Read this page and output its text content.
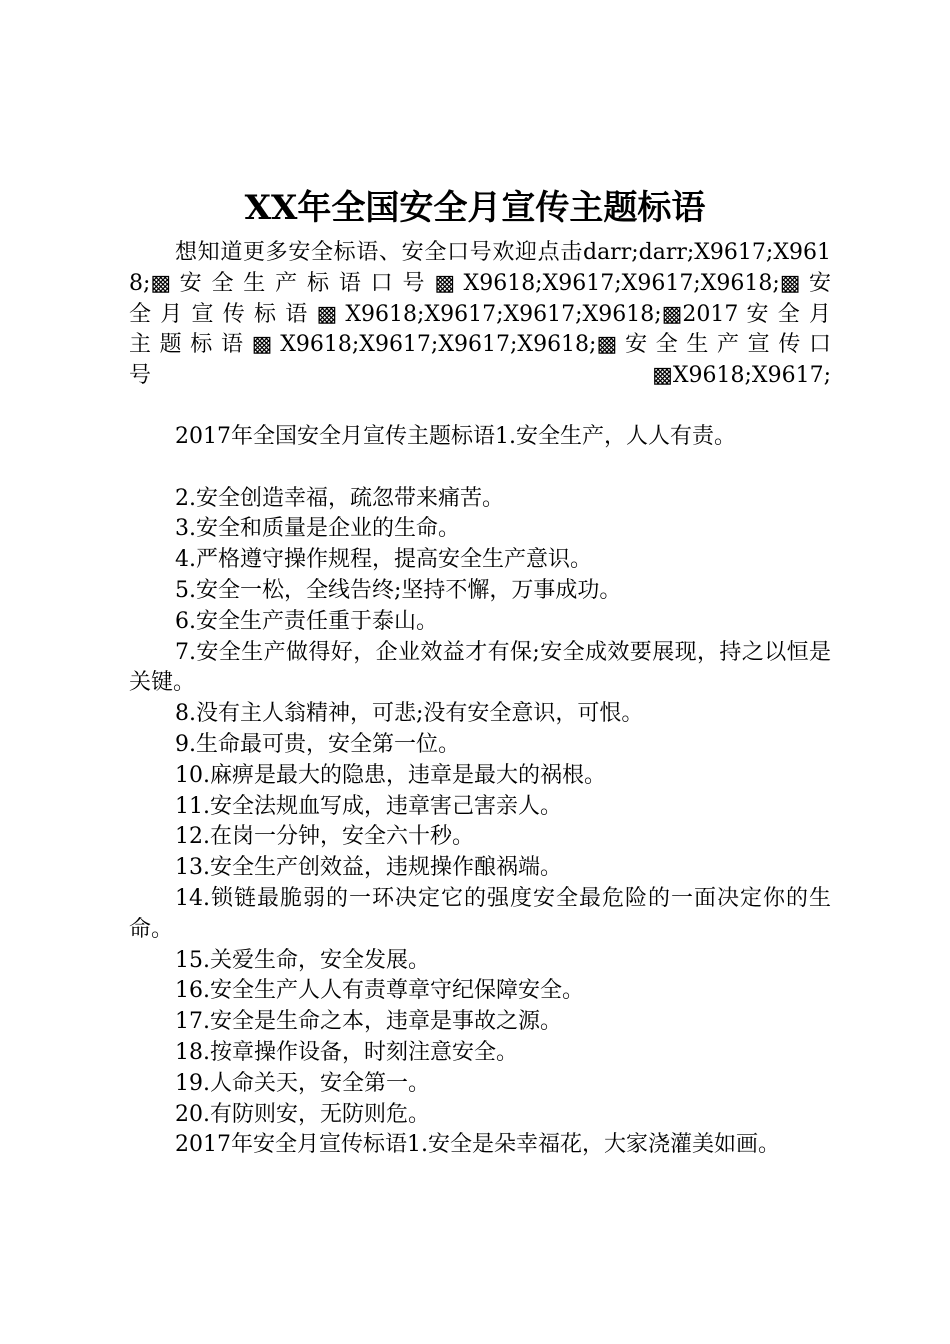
XX年全国安全月宣传主题标语

想知道更多安全标语、安全口号欢迎点击darr;darr;X9617;X9618;▩ 安 全 生 产 标 语 口 号 ▩ X9618;X9617;X9617;X9618;▩ 安 全 月 宣 传 标 语 ▩ X9618;X9617;X9617;X9618;▩2017 安 全 月 主 题 标 语 ▩ X9618;X9617;X9617;X9618;▩ 安 全 生 产 宣 传 口 号 ▩X9618;X9617;

2017年全国安全月宣传主题标语1.安全生产，人人有责。

2.安全创造幸福，疏忽带来痛苦。

3.安全和质量是企业的生命。

4.严格遵守操作规程，提高安全生产意识。

5.安全一松，全线告终;坚持不懈，万事成功。

6.安全生产责任重于泰山。

7.安全生产做得好，企业效益才有保;安全成效要展现，持之以恒是关键。

8.没有主人翁精神，可悲;没有安全意识，可恨。

9.生命最可贵，安全第一位。

10.麻痹是最大的隐患，违章是最大的祸根。

11.安全法规血写成，违章害己害亲人。

12.在岗一分钟，安全六十秒。

13.安全生产创效益，违规操作酿祸端。

14.锁链最脆弱的一环决定它的强度安全最危险的一面决定你的生命。

15.关爱生命，安全发展。

16.安全生产人人有责尊章守纪保障安全。

17.安全是生命之本，违章是事故之源。

18.按章操作设备，时刻注意安全。

19.人命关天，安全第一。

20.有防则安，无防则危。

2017年安全月宣传标语1.安全是朵幸福花，大家浇灌美如画。
